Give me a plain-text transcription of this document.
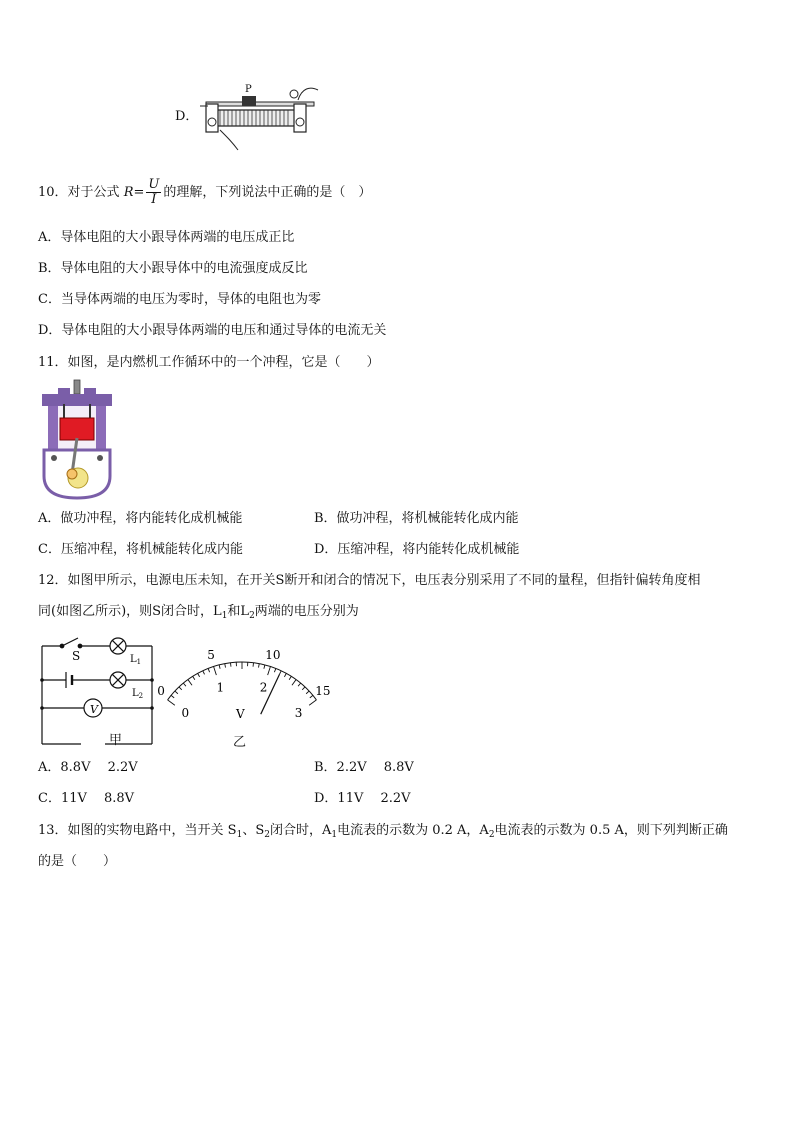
D．
P
10．对于公式 $R= \frac{U}{I}$ 的理解，下列说法中正确的是（　）
A．导体电阻的大小跟导体两端的电压成正比
B．导体电阻的大小跟导体中的电流强度成反比
C．当导体两端的电压为零时，导体的电阻也为零
D．导体电阻的大小跟导体两端的电压和通过导体的电流无关
11．如图，是内燃机工作循环中的一个冲程，它是（　　）
A．做功冲程，将内能转化成机械能	B．做功冲程，将机械能转化成内能
C．压缩冲程，将机械能转化成内能	D．压缩冲程，将内能转化成机械能
12．如图甲所示，电源电压未知，在开关S断开和闭合的情况下，电压表分别采用了不同的量程，但指针偏转角度相
同(如图乙所示)，则S闭合时，$L_1$和$L_2$两端的电压分别为
V
S	$L_1$
$L_2$
甲
0
5	10
15
0
1	2
3
V
乙
A．8.8V　 2.2V	B．2.2V　 8.8V
C．11V　 8.8V	D．11V　 2.2V
13．如图的实物电路中，当开关 $S_1$、$S_2$闭合时，$A_1$电流表的示数为 0.2 A，$A_2$电流表的示数为 0.5 A，则下列判断正确
的是（　　）
